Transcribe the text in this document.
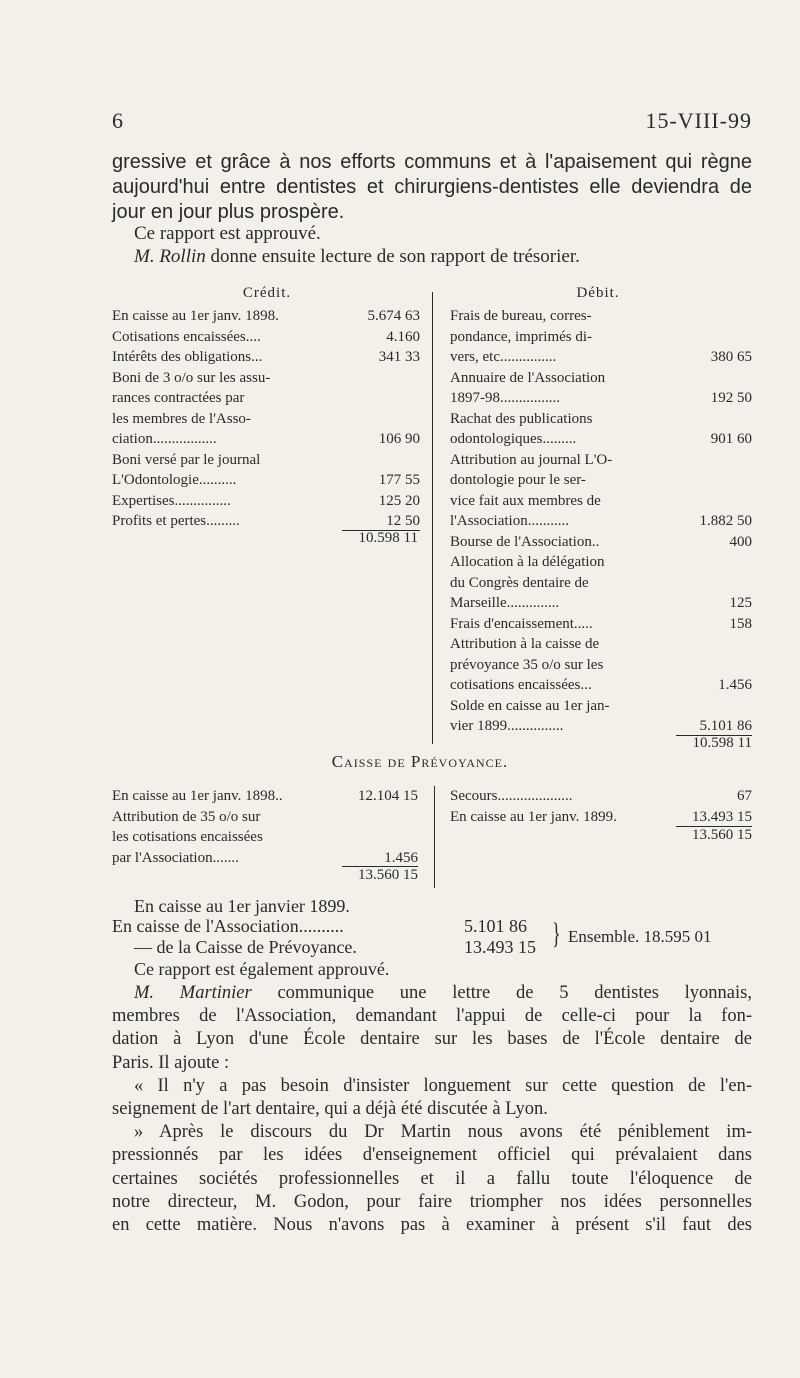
6	15-VIII-99
gressive et grâce à nos efforts communs et à l'apaisement qui règne
aujourd'hui entre dentistes et chirurgiens-dentistes elle deviendra de
jour en jour plus prospère.
Ce rapport est approuvé.
M. Rollin donne ensuite lecture de son rapport de trésorier.
Crédit.	Débit.
En caisse au 1er janv. 1898.	5.674 63
Cotisations encaissées....	4.160
Intérêts des obligations...	341 33
Boni de 3 o/o sur les assu-
rances contractées par
les membres de l'Asso-
ciation.................	106 90
Boni versé par le journal
L'Odontologie..........	177 55
Expertises...............	125 20
Profits et pertes.........	12 50
10.598 11
Frais de bureau, corres-
pondance, imprimés di-
vers, etc...............	380 65
Annuaire de l'Association
1897-98................	192 50
Rachat des publications
odontologiques.........	901 60
Attribution au journal L'O-
dontologie pour le ser-
vice fait aux membres de
l'Association...........	1.882 50
Bourse de l'Association..	400
Allocation à la délégation
du Congrès dentaire de
Marseille..............	125
Frais d'encaissement.....	158
Attribution à la caisse de
prévoyance 35 o/o sur les
cotisations encaissées...	1.456
Solde en caisse au 1er jan-
vier 1899...............	5.101 86
10.598 11
Caisse de Prévoyance.
En caisse au 1er janv. 1898..	12.104 15
Attribution de 35 o/o sur
les cotisations encaissées
par l'Association.......	1.456
13.560 15
Secours....................	67
En caisse au 1er janv. 1899.	13.493 15
13.560 15
En caisse au 1er janvier 1899.
En caisse de l'Association..........	5.101 86
— de la Caisse de Prévoyance.	13.493 15 } Ensemble. 18.595 01
Ce rapport est également approuvé.
M. Martinier communique une lettre de 5 dentistes lyonnais,
membres de l'Association, demandant l'appui de celle-ci pour la fon-
dation à Lyon d'une École dentaire sur les bases de l'École dentaire de
Paris. Il ajoute :
« Il n'y a pas besoin d'insister longuement sur cette question de l'en-
seignement de l'art dentaire, qui a déjà été discutée à Lyon.
» Après le discours du Dr Martin nous avons été péniblement im-
pressionnés par les idées d'enseignement officiel qui prévalaient dans
certaines sociétés professionnelles et il a fallu toute l'éloquence de
notre directeur, M. Godon, pour faire triompher nos idées personnelles
en cette matière. Nous n'avons pas à examiner à présent s'il faut des
